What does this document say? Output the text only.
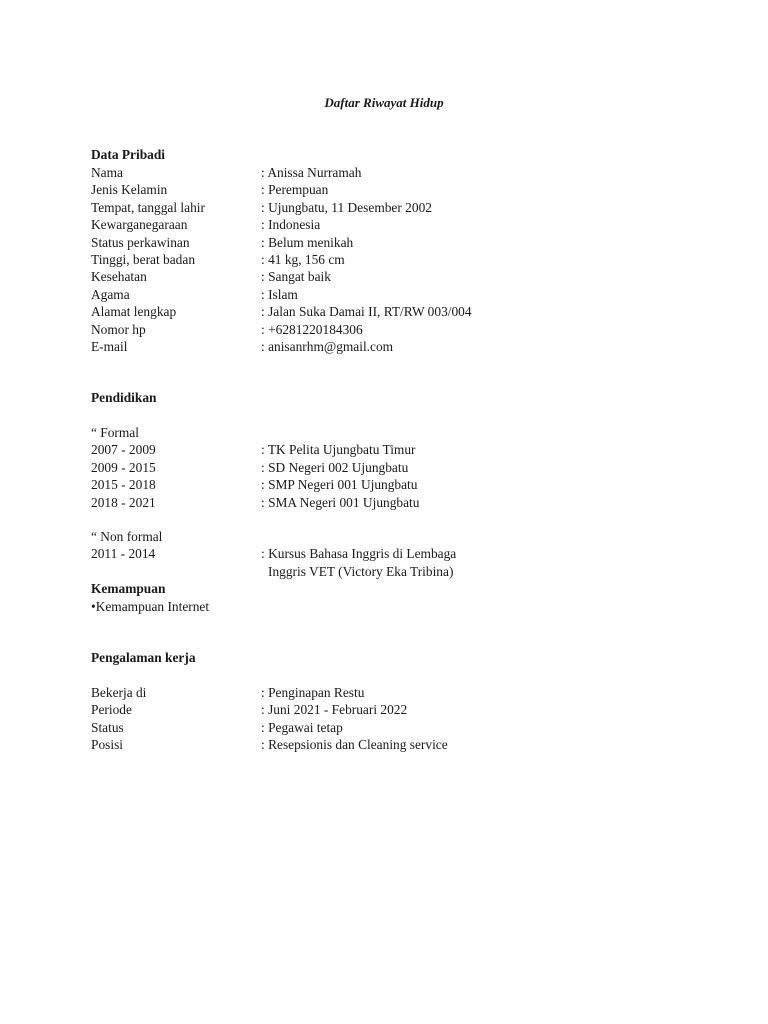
Daftar Riwayat Hidup
Data Pribadi
Nama	: Anissa Nurramah
Jenis Kelamin	: Perempuan
Tempat, tanggal lahir	: Ujungbatu, 11 Desember 2002
Kewarganegaraan	: Indonesia
Status perkawinan	: Belum menikah
Tinggi, berat badan	: 41 kg, 156 cm
Kesehatan	: Sangat baik
Agama	: Islam
Alamat lengkap	: Jalan Suka Damai II, RT/RW 003/004
Nomor hp	: +6281220184306
E-mail	: anisanrhm@gmail.com
Pendidikan
“ Formal
2007 - 2009	: TK Pelita Ujungbatu Timur
2009 - 2015	: SD Negeri 002 Ujungbatu
2015 - 2018	: SMP Negeri 001 Ujungbatu
2018 - 2021	: SMA Negeri 001 Ujungbatu
“ Non formal
2011 - 2014	: Kursus Bahasa Inggris di Lembaga
Inggris VET (Victory Eka Tribina)
Kemampuan
•Kemampuan Internet
Pengalaman kerja
Bekerja di	: Penginapan Restu
Periode	: Juni 2021 - Februari 2022
Status	: Pegawai tetap
Posisi	: Resepsionis dan Cleaning service
